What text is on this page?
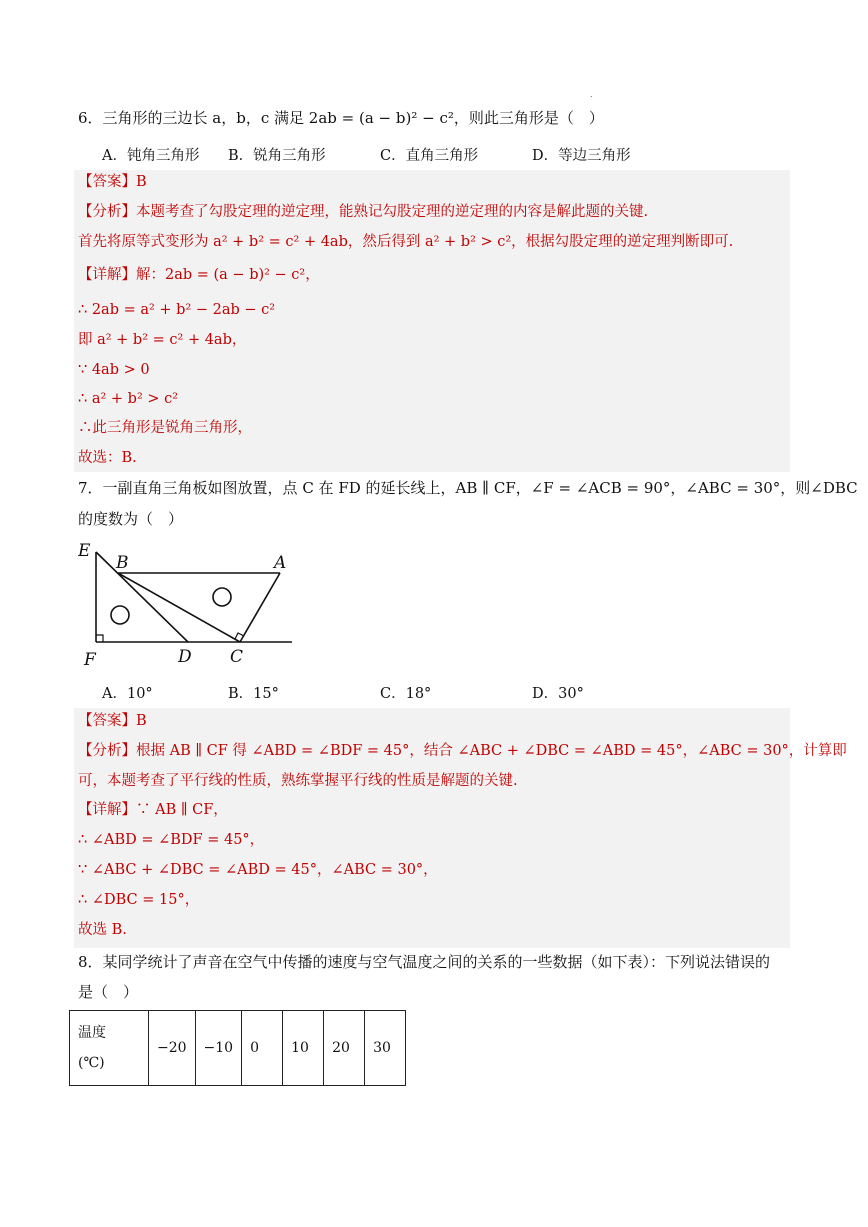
.
6．三角形的三边长 a，b，c 满足 2ab = (a − b)² − c²，则此三角形是（　）
A．钝角三角形 B．锐角三角形	C．直角三角形	D．等边三角形
【答案】B
【分析】本题考查了勾股定理的逆定理，能熟记勾股定理的逆定理的内容是解此题的关键.
首先将原等式变形为 a² + b² = c² + 4ab，然后得到 a² + b² > c²，根据勾股定理的逆定理判断即可.
【详解】解：2ab = (a − b)² − c²，
∴ 2ab = a² + b² − 2ab − c²
即 a² + b² = c² + 4ab，
∵ 4ab > 0
∴ a² + b² > c²
∴此三角形是锐角三角形，
故选：B.
7．一副直角三角板如图放置，点 C 在 FD 的延长线上，AB ∥ CF，∠F = ∠ACB = 90°，∠ABC = 30°，则∠DBC
的度数为（　）
E
B	A
F	D C
A．10°	B．15°	C．18°	D．30°
【答案】B
【分析】根据 AB ∥ CF 得 ∠ABD = ∠BDF = 45°，结合 ∠ABC + ∠DBC = ∠ABD = 45°，∠ABC = 30°，计算即
可，本题考查了平行线的性质，熟练掌握平行线的性质是解题的关键.
【详解】∵ AB ∥ CF，
∴ ∠ABD = ∠BDF = 45°，
∵ ∠ABC + ∠DBC = ∠ABD = 45°，∠ABC = 30°，
∴ ∠DBC = 15°，
故选 B.
8．某同学统计了声音在空气中传播的速度与空气温度之间的关系的一些数据（如下表）：下列说法错误的
是（　）
温度
(℃)
	−20	−10	0	10	20	30
